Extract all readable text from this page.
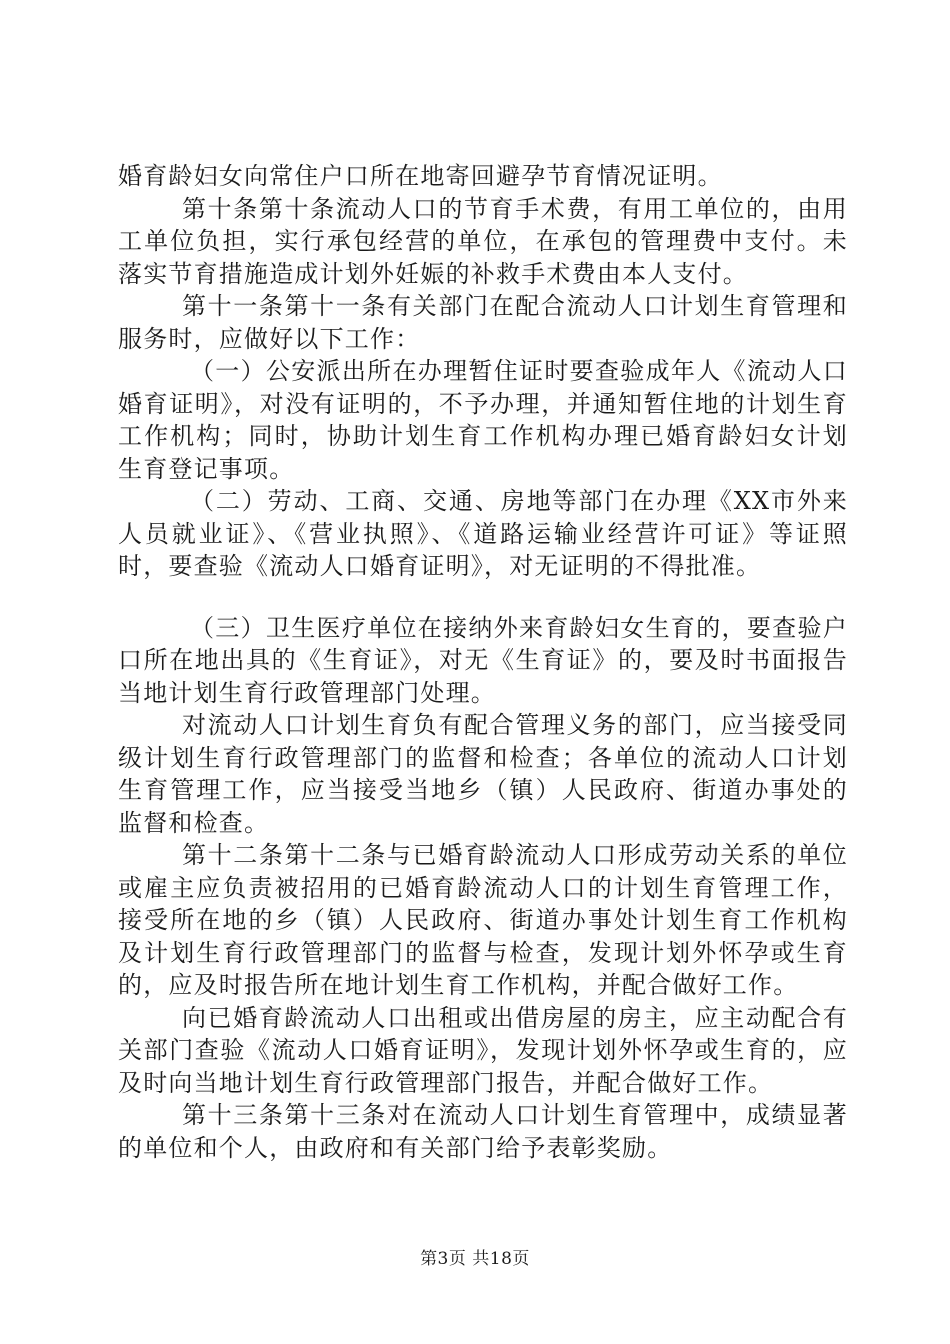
婚育龄妇女向常住户口所在地寄回避孕节育情况证明。

第十条第十条流动人口的节育手术费，有用工单位的，由用工单位负担，实行承包经营的单位，在承包的管理费中支付。未落实节育措施造成计划外妊娠的补救手术费由本人支付。

第十一条第十一条有关部门在配合流动人口计划生育管理和服务时，应做好以下工作：

（一）公安派出所在办理暂住证时要查验成年人《流动人口婚育证明》，对没有证明的，不予办理，并通知暂住地的计划生育工作机构；同时，协助计划生育工作机构办理已婚育龄妇女计划生育登记事项。

（二）劳动、工商、交通、房地等部门在办理《XX市外来人员就业证》、《营业执照》、《道路运输业经营许可证》等证照时，要查验《流动人口婚育证明》，对无证明的不得批准。

（三）卫生医疗单位在接纳外来育龄妇女生育的，要查验户口所在地出具的《生育证》，对无《生育证》的，要及时书面报告当地计划生育行政管理部门处理。

对流动人口计划生育负有配合管理义务的部门，应当接受同级计划生育行政管理部门的监督和检查；各单位的流动人口计划生育管理工作，应当接受当地乡（镇）人民政府、街道办事处的监督和检查。

第十二条第十二条与已婚育龄流动人口形成劳动关系的单位或雇主应负责被招用的已婚育龄流动人口的计划生育管理工作，接受所在地的乡（镇）人民政府、街道办事处计划生育工作机构及计划生育行政管理部门的监督与检查，发现计划外怀孕或生育的，应及时报告所在地计划生育工作机构，并配合做好工作。

向已婚育龄流动人口出租或出借房屋的房主，应主动配合有关部门查验《流动人口婚育证明》，发现计划外怀孕或生育的，应及时向当地计划生育行政管理部门报告，并配合做好工作。

第十三条第十三条对在流动人口计划生育管理中，成绩显著的单位和个人，由政府和有关部门给予表彰奖励。

第3页 共18页
